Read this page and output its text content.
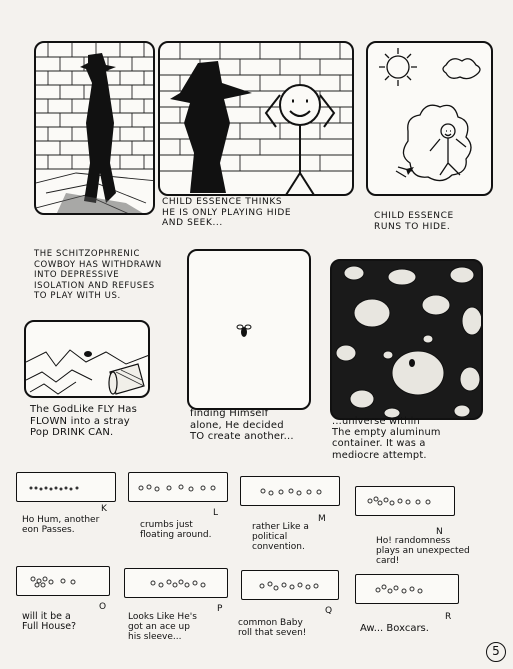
CHILD ESSENCE THINKS
HE IS ONLY PLAYING HIDE
AND SEEK...
CHILD ESSENCE
RUNS TO HIDE.
THE SCHITZOPHRENIC
COWBOY HAS WITHDRAWN
INTO DEPRESSIVE
ISOLATION AND REFUSES
TO PLAY WITH US.
The GodLike FLY Has
FLOWN into a stray
Pop DRINK CAN.
finding Himself
alone, He decided
TO create another...
...universe within
The empty aluminum
container. It was a
mediocre attempt.
K
Ho Hum, another
eon Passes.
L
crumbs just
floating around.
M
rather Like a
political
convention.
N
Ho! randomness
plays an unexpected
card!
O
will it be a
Full House?
P
Looks Like He's
got an ace up
his sleeve...
Q
common Baby
roll that seven!
R
Aw... Boxcars.
5
